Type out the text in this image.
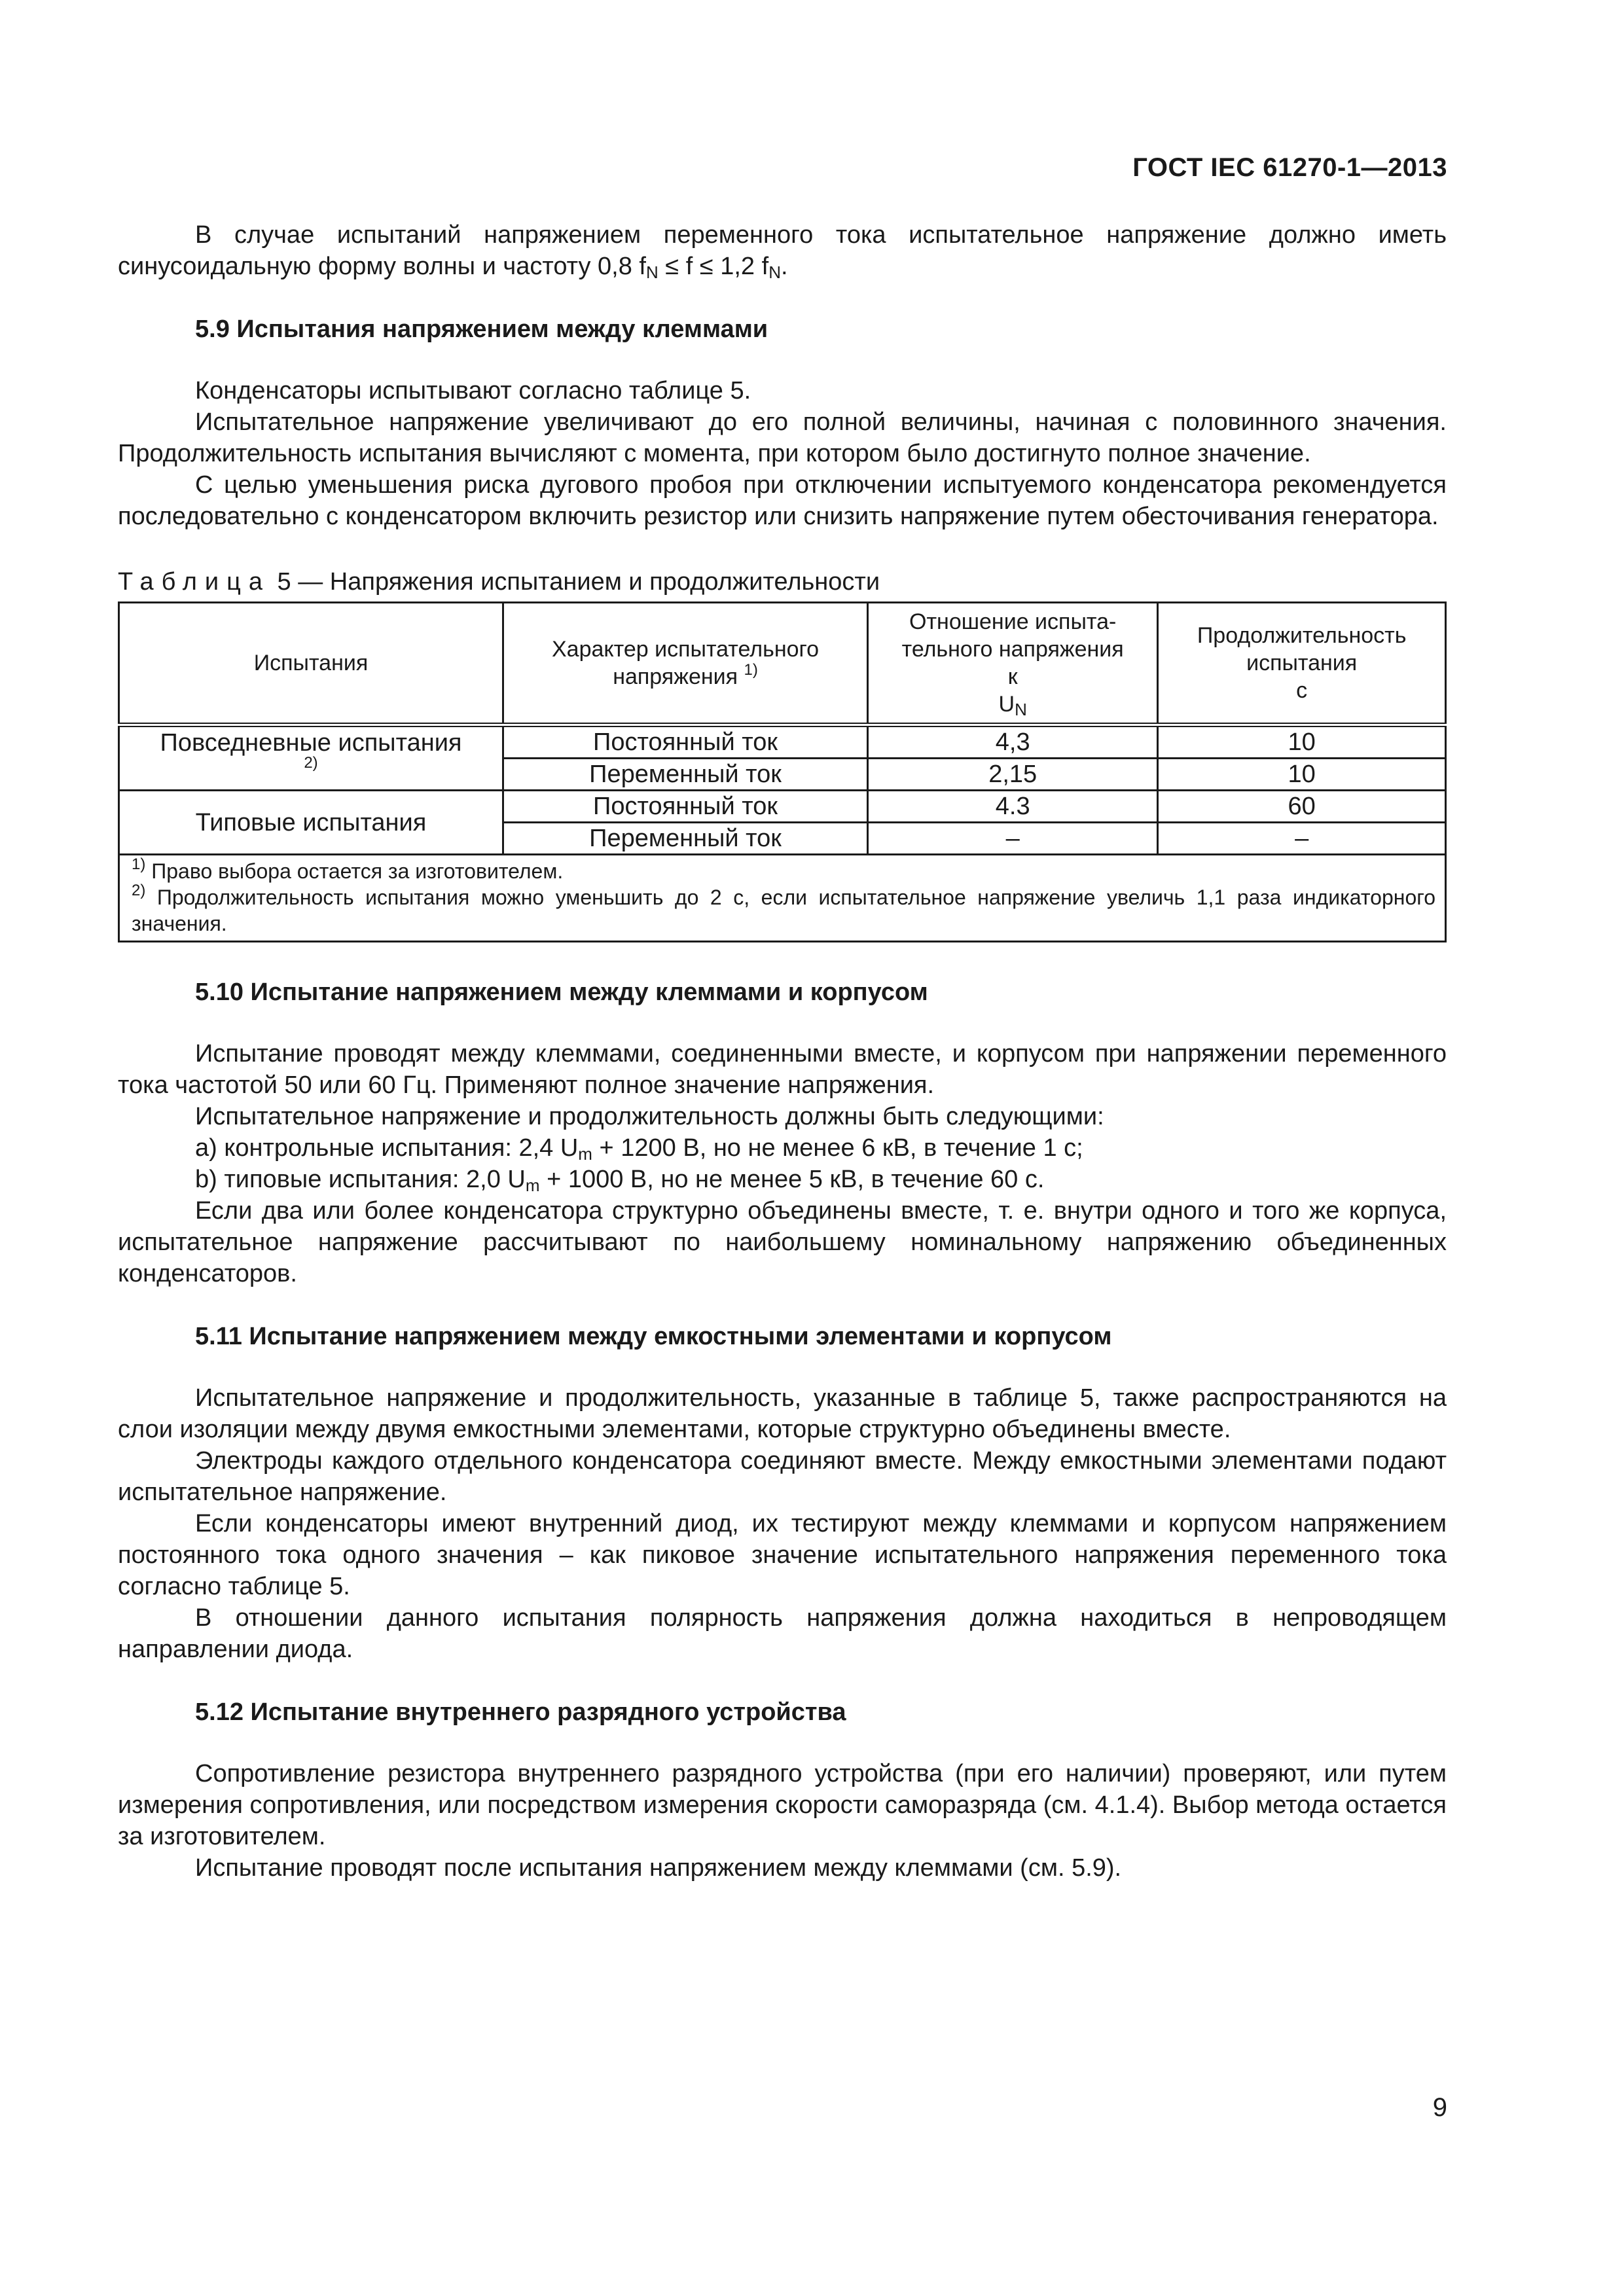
ГОСТ IEC 61270-1—2013

В случае испытаний напряжением переменного тока испытательное напряжение должно иметь синусоидальную форму волны и частоту 0,8 $f_N \le f \le 1,2$ $f_N$.

5.9 Испытания напряжением между клеммами

Конденсаторы испытывают согласно таблице 5.

Испытательное напряжение увеличивают до его полной величины, начиная с половинного значения. Продолжительность испытания вычисляют с момента, при котором было достигнуто полное значение.

С целью уменьшения риска дугового пробоя при отключении испытуемого конденсатора рекомендуется последовательно с конденсатором включить резистор или снизить напряжение путем обесточивания генератора.

Таблица 5 — Напряжения испытанием и продолжительности

Испытания	Характер испытательного напряжения $^{1)}$	Отношение испыта-
тельного напряжения
к
$U_N$	Продолжительность
испытания
с
Повседневные испытания
$^{2)}$	Постоянный ток	4,3	10
	Переменный ток	2,15	10
Типовые испытания	Постоянный ток	4.3	60
	Переменный ток	–	–

$^{1)}$ Право выбора остается за изготовителем.
$^{2)}$ Продолжительность испытания можно уменьшить до 2 с, если испытательное напряжение увеличь 1,1 раза индикаторного значения.			
5.10 Испытание напряжением между клеммами и корпусом

Испытание проводят между клеммами, соединенными вместе, и корпусом при напряжении переменного тока частотой 50 или 60 Гц. Применяют полное значение напряжения.

Испытательное напряжение и продолжительность должны быть следующими:

a) контрольные испытания: 2,4 $U_m + 1200$ В, но не менее 6 кВ, в течение 1 с;

b) типовые испытания: 2,0 $U_m + 1000$ В, но не менее 5 кВ, в течение 60 с.

Если два или более конденсатора структурно объединены вместе, т. е. внутри одного и того же корпуса, испытательное напряжение рассчитывают по наибольшему номинальному напряжению объединенных конденсаторов.

5.11 Испытание напряжением между емкостными элементами и корпусом

Испытательное напряжение и продолжительность, указанные в таблице 5, также распространяются на слои изоляции между двумя емкостными элементами, которые структурно объединены вместе.

Электроды каждого отдельного конденсатора соединяют вместе. Между емкостными элементами подают испытательное напряжение.

Если конденсаторы имеют внутренний диод, их тестируют между клеммами и корпусом напряжением постоянного тока одного значения – как пиковое значение испытательного напряжения переменного тока согласно таблице 5.

В отношении данного испытания полярность напряжения должна находиться в непроводящем направлении диода.

5.12 Испытание внутреннего разрядного устройства

Сопротивление резистора внутреннего разрядного устройства (при его наличии) проверяют, или путем измерения сопротивления, или посредством измерения скорости саморазряда (см. 4.1.4). Выбор метода остается за изготовителем.

Испытание проводят после испытания напряжением между клеммами (см. 5.9).

9
